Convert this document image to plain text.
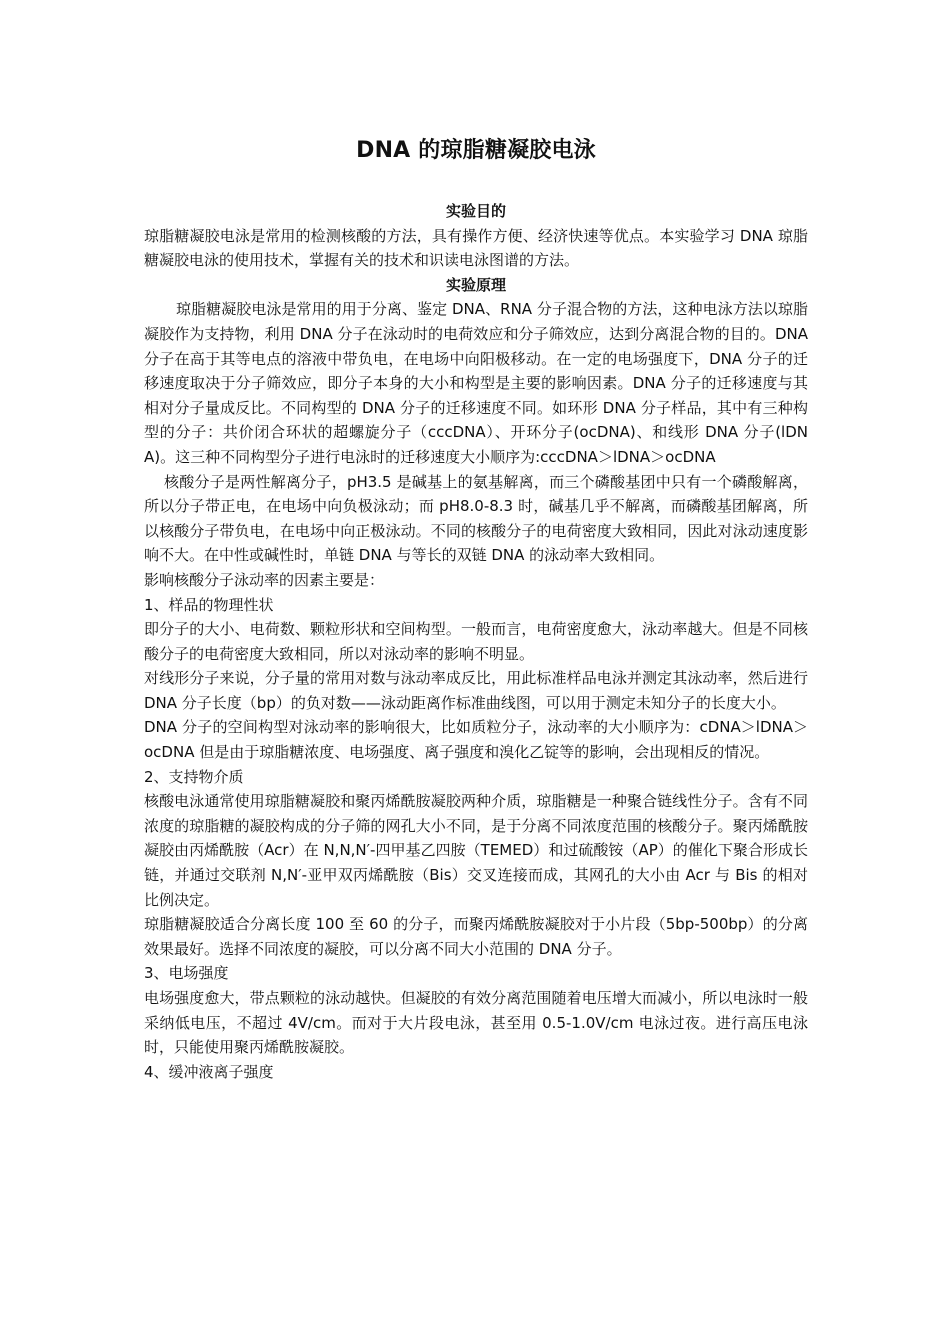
DNA 的琼脂糖凝胶电泳

实验目的

琼脂糖凝胶电泳是常用的检测核酸的方法，具有操作方便、经济快速等优点。本实验学习 DNA 琼脂糖凝胶电泳的使用技术，掌握有关的技术和识读电泳图谱的方法。

实验原理

琼脂糖凝胶电泳是常用的用于分离、鉴定 DNA、RNA 分子混合物的方法，这种电泳方法以琼脂凝胶作为支持物，利用 DNA 分子在泳动时的电荷效应和分子筛效应，达到分离混合物的目的。DNA 分子在高于其等电点的溶液中带负电，在电场中向阳极移动。在一定的电场强度下，DNA 分子的迁移速度取决于分子筛效应，即分子本身的大小和构型是主要的影响因素。DNA 分子的迁移速度与其相对分子量成反比。不同构型的 DNA 分子的迁移速度不同。如环形 DNA 分子样品，其中有三种构型的分子：共价闭合环状的超螺旋分子（cccDNA）、开环分子(ocDNA)、和线形 DNA 分子(lDNA)。这三种不同构型分子进行电泳时的迁移速度大小顺序为:cccDNA＞lDNA＞ocDNA

核酸分子是两性解离分子，pH3.5 是碱基上的氨基解离，而三个磷酸基团中只有一个磷酸解离，所以分子带正电，在电场中向负极泳动；而 pH8.0-8.3 时，碱基几乎不解离，而磷酸基团解离，所以核酸分子带负电，在电场中向正极泳动。不同的核酸分子的电荷密度大致相同，因此对泳动速度影响不大。在中性或碱性时，单链 DNA 与等长的双链 DNA 的泳动率大致相同。

影响核酸分子泳动率的因素主要是：

1、样品的物理性状

即分子的大小、电荷数、颗粒形状和空间构型。一般而言，电荷密度愈大，泳动率越大。但是不同核酸分子的电荷密度大致相同，所以对泳动率的影响不明显。

对线形分子来说，分子量的常用对数与泳动率成反比，用此标准样品电泳并测定其泳动率，然后进行 DNA 分子长度（bp）的负对数——泳动距离作标准曲线图，可以用于测定未知分子的长度大小。

DNA 分子的空间构型对泳动率的影响很大，比如质粒分子，泳动率的大小顺序为：cDNA＞lDNA＞ocDNA 但是由于琼脂糖浓度、电场强度、离子强度和溴化乙锭等的影响，会出现相反的情况。

2、支持物介质

核酸电泳通常使用琼脂糖凝胶和聚丙烯酰胺凝胶两种介质，琼脂糖是一种聚合链线性分子。含有不同浓度的琼脂糖的凝胶构成的分子筛的网孔大小不同，是于分离不同浓度范围的核酸分子。聚丙烯酰胺凝胶由丙烯酰胺（Acr）在 N,N,N′-四甲基乙四胺（TEMED）和过硫酸铵（AP）的催化下聚合形成长链，并通过交联剂 N,N′-亚甲双丙烯酰胺（Bis）交叉连接而成，其网孔的大小由 Acr 与 Bis 的相对比例决定。

琼脂糖凝胶适合分离长度 100 至 60 的分子，而聚丙烯酰胺凝胶对于小片段（5bp-500bp）的分离效果最好。选择不同浓度的凝胶，可以分离不同大小范围的 DNA 分子。

3、电场强度

电场强度愈大，带点颗粒的泳动越快。但凝胶的有效分离范围随着电压增大而减小，所以电泳时一般采纳低电压，不超过 4V/cm。而对于大片段电泳，甚至用 0.5-1.0V/cm 电泳过夜。进行高压电泳时，只能使用聚丙烯酰胺凝胶。

4、缓冲液离子强度
